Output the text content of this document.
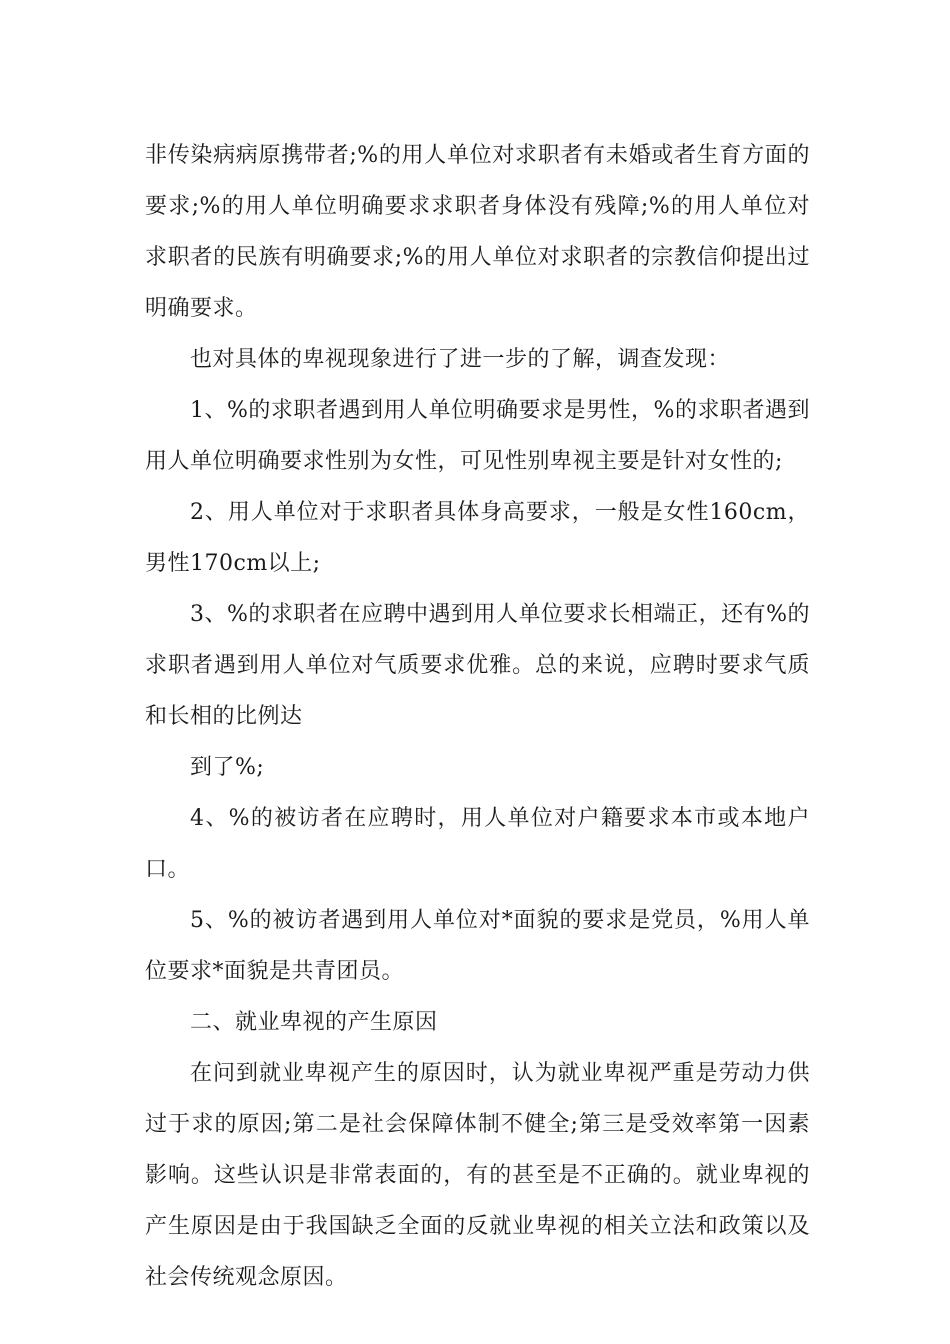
非传染病病原携带者;%的用人单位对求职者有未婚或者生育方面的要求;%的用人单位明确要求求职者身体没有残障;%的用人单位对求职者的民族有明确要求;%的用人单位对求职者的宗教信仰提出过明确要求。

也对具体的卑视现象进行了进一步的了解，调查发现：

1、%的求职者遇到用人单位明确要求是男性，%的求职者遇到用人单位明确要求性别为女性，可见性别卑视主要是针对女性的;

2、用人单位对于求职者具体身高要求，一般是女性160cm，男性170cm以上;

3、%的求职者在应聘中遇到用人单位要求长相端正，还有%的求职者遇到用人单位对气质要求优雅。总的来说，应聘时要求气质和长相的比例达

到了%;

4、%的被访者在应聘时，用人单位对户籍要求本市或本地户口。

5、%的被访者遇到用人单位对*面貌的要求是党员，%用人单位要求*面貌是共青团员。

二、就业卑视的产生原因

在问到就业卑视产生的原因时，认为就业卑视严重是劳动力供过于求的原因;第二是社会保障体制不健全;第三是受效率第一因素影响。这些认识是非常表面的，有的甚至是不正确的。就业卑视的产生原因是由于我国缺乏全面的反就业卑视的相关立法和政策以及社会传统观念原因。
